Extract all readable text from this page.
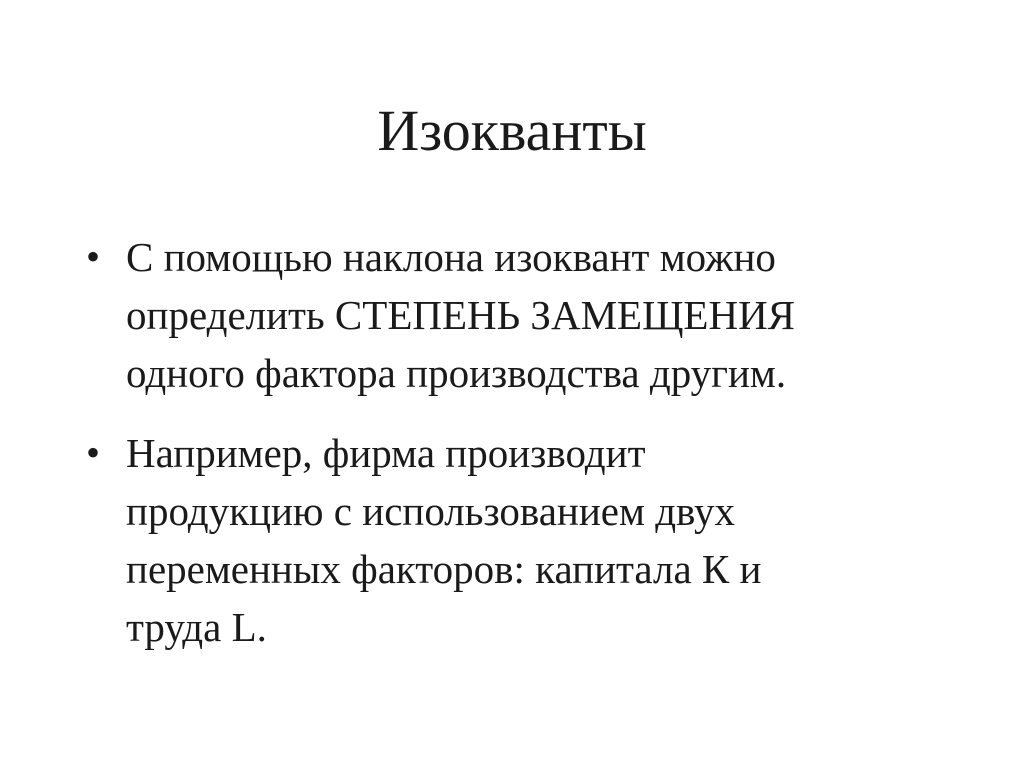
Изокванты
• С помощью наклона изоквант можно
определить СТЕПЕНЬ ЗАМЕЩЕНИЯ
одного фактора производства другим.
• Например, фирма производит
продукцию с использованием двух
переменных факторов: капитала К и
труда L.
